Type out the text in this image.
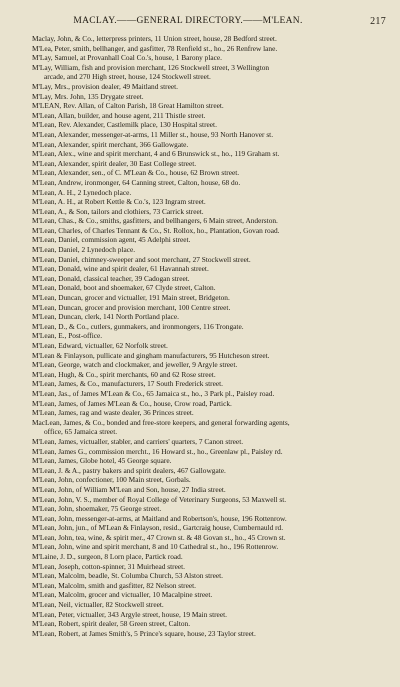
MACLAY.——GENERAL DIRECTORY.——M'LEAN.	217
Maclay, John, & Co., letterpress printers, 11 Union street, house, 28 Bedford street.
M'Lea, Peter, smith, bellhanger, and gasfitter, 78 Renfield st., ho., 26 Renfrew lane.
M'Lay, Samuel, at Provanhall Coal Co.'s, house, 1 Barony place.
M'Lay, William, fish and provision merchant, 126 Stockwell street, 3 Wellington
arcade, and 270 High street, house, 124 Stockwell street.
M'Lay, Mrs., provision dealer, 49 Maitland street.
M'Lay, Mrs. John, 135 Drygate street.
M'LEAN, Rev. Allan, of Calton Parish, 18 Great Hamilton street.
M'Lean, Allan, builder, and house agent, 211 Thistle street.
M'Lean, Rev. Alexander, Castlemilk place, 130 Hospital street.
M'Lean, Alexander, messenger-at-arms, 11 Miller st., house, 93 North Hanover st.
M'Lean, Alexander, spirit merchant, 366 Gallowgate.
M'Lean, Alex., wine and spirit merchant, 4 and 6 Brunswick st., ho., 119 Graham st.
M'Lean, Alexander, spirit dealer, 30 East College street.
M'Lean, Alexander, sen., of C. M'Lean & Co., house, 62 Brown street.
M'Lean, Andrew, ironmonger, 64 Canning street, Calton, house, 68 do.
M'Lean, A. H., 2 Lynedoch place.
M'Lean, A. H., at Robert Kettle & Co.'s, 123 Ingram street.
M'Lean, A., & Son, tailors and clothiers, 73 Carrick street.
M'Lean, Chas., & Co., smiths, gasfitters, and bellhangers, 6 Main street, Anderston.
M'Lean, Charles, of Charles Tennant & Co., St. Rollox, ho., Plantation, Govan road.
M'Lean, Daniel, commission agent, 45 Adelphi street.
M'Lean, Daniel, 2 Lynedoch place.
M'Lean, Daniel, chimney-sweeper and soot merchant, 27 Stockwell street.
M'Lean, Donald, wine and spirit dealer, 61 Havannah street.
M'Lean, Donald, classical teacher, 39 Cadogan street.
M'Lean, Donald, boot and shoemaker, 67 Clyde street, Calton.
M'Lean, Duncan, grocer and victualler, 191 Main street, Bridgeton.
M'Lean, Duncan, grocer and provision merchant, 100 Centre street.
M'Lean, Duncan, clerk, 141 North Portland place.
M'Lean, D., & Co., cutlers, gunmakers, and ironmongers, 116 Trongate.
M'Lean, E., Post-office.
M'Lean, Edward, victualler, 62 Norfolk street.
M'Lean & Finlayson, pullicate and gingham manufacturers, 95 Hutcheson street.
M'Lean, George, watch and clockmaker, and jeweller, 9 Argyle street.
M'Lean, Hugh, & Co., spirit merchants, 60 and 62 Rose street.
M'Lean, James, & Co., manufacturers, 17 South Frederick street.
M'Lean, Jas., of James M'Lean & Co., 65 Jamaica st., ho., 3 Park pl., Paisley road.
M'Lean, James, of James M'Lean & Co., house, Crow road, Partick.
M'Lean, James, rag and waste dealer, 36 Princes street.
MacLean, James, & Co., bonded and free-store keepers, and general forwarding agents,
office, 65 Jamaica street.
M'Lean, James, victualler, stabler, and carriers' quarters, 7 Canon street.
M'Lean, James G., commission mercht., 16 Howard st., ho., Greenlaw pl., Paisley rd.
M'Lean, James, Globe hotel, 45 George square.
M'Lean, J. & A., pastry bakers and spirit dealers, 467 Gallowgate.
M'Lean, John, confectioner, 100 Main street, Gorbals.
M'Lean, John, of William M'Lean and Son, house, 27 India street.
M'Lean, John, V. S., member of Royal College of Veterinary Surgeons, 53 Maxwell st.
M'Lean, John, shoemaker, 75 George street.
M'Lean, John, messenger-at-arms, at Maitland and Robertson's, house, 196 Rottenrow.
M'Lean, John, jun., of M'Lean & Finlayson, resid., Gartcraig house, Cumbernauld rd.
M'Lean, John, tea, wine, & spirit mer., 47 Crown st. & 48 Govan st., ho., 45 Crown st.
M'Lean, John, wine and spirit merchant, 8 and 10 Cathedral st., ho., 196 Rottenrow.
M'Laine, J. D., surgeon, 8 Lorn place, Partick road.
M'Lean, Joseph, cotton-spinner, 31 Muirhead street.
M'Lean, Malcolm, beadle, St. Columba Church, 53 Alston street.
M'Lean, Malcolm, smith and gasfitter, 82 Nelson street.
M'Lean, Malcolm, grocer and victualler, 10 Macalpine street.
M'Lean, Neil, victualler, 82 Stockwell street.
M'Lean, Peter, victualler, 343 Argyle street, house, 19 Main street.
M'Lean, Robert, spirit dealer, 58 Green street, Calton.
M'Lean, Robert, at James Smith's, 5 Prince's square, house, 23 Taylor street.
